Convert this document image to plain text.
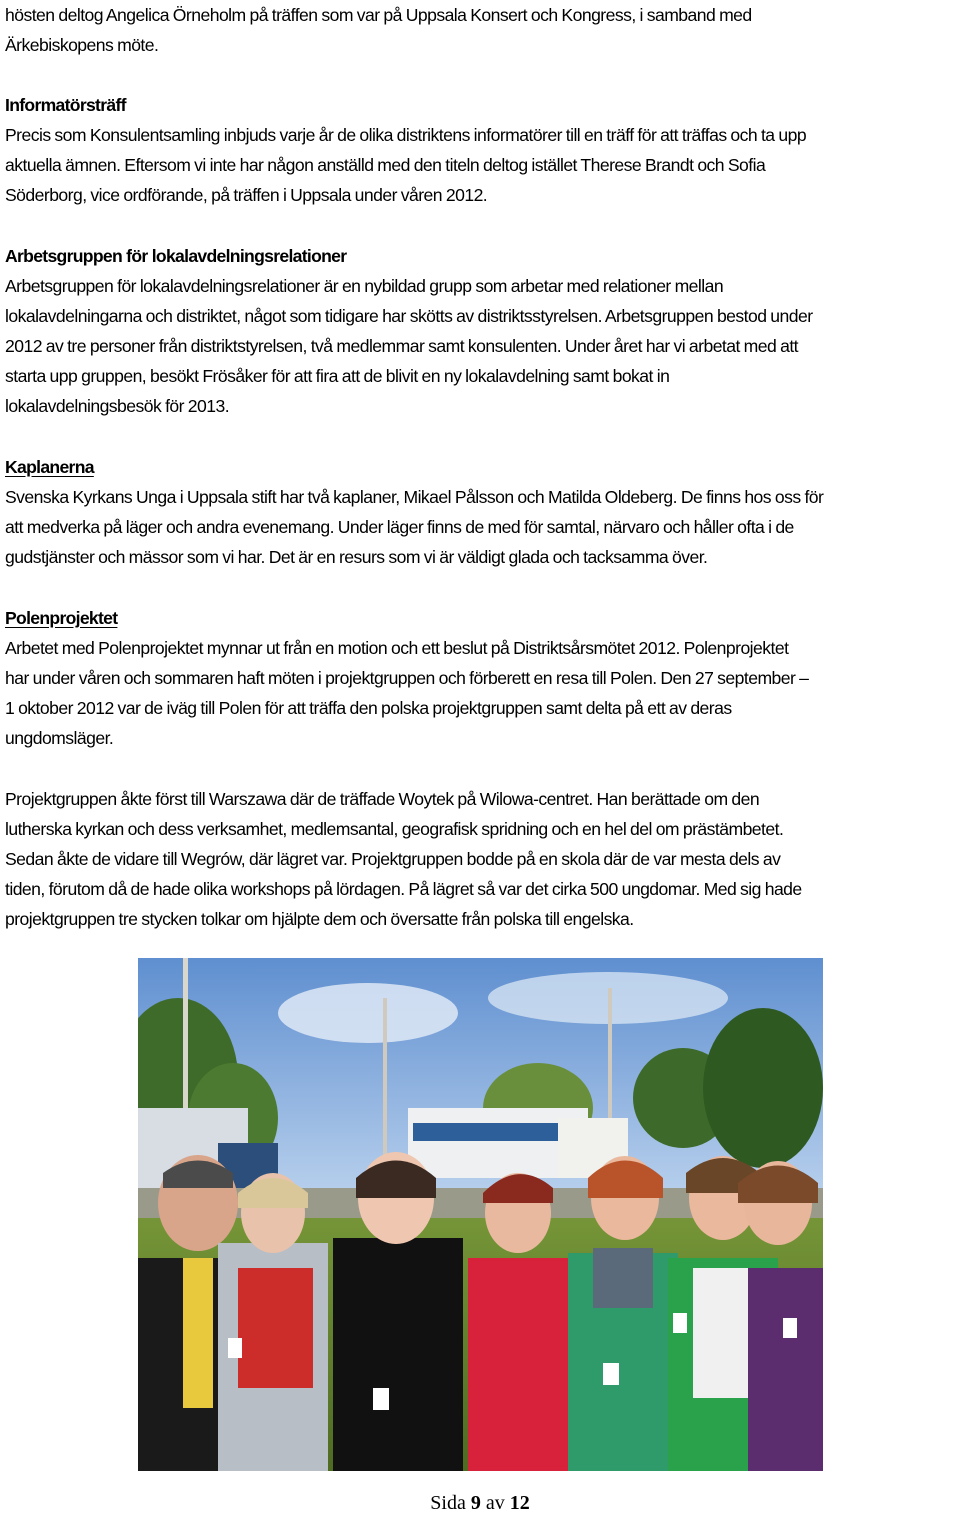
hösten deltog Angelica Örneholm på träffen som var på Uppsala Konsert och Kongress, i samband med
Ärkebiskopens möte.
Informatörsträff
Precis som Konsulentsamling inbjuds varje år de olika distriktens informatörer till en träff för att träffas och ta upp
aktuella ämnen. Eftersom vi inte har någon anställd med den titeln deltog istället Therese Brandt och Sofia
Söderborg, vice ordförande, på träffen i Uppsala under våren 2012.
Arbetsgruppen för lokalavdelningsrelationer
Arbetsgruppen för lokalavdelningsrelationer är en nybildad grupp som arbetar med relationer mellan
lokalavdelningarna och distriktet, något som tidigare har skötts av distriktsstyrelsen. Arbetsgruppen bestod under
2012 av tre personer från distriktstyrelsen, två medlemmar samt konsulenten. Under året har vi arbetat med att
starta upp gruppen, besökt Frösåker för att fira att de blivit en ny lokalavdelning samt bokat in
lokalavdelningsbesök för 2013.
Kaplanerna
Svenska Kyrkans Unga i Uppsala stift har två kaplaner, Mikael Pålsson och Matilda Oldeberg. De finns hos oss för
att medverka på läger och andra evenemang. Under läger finns de med för samtal, närvaro och håller ofta i de
gudstjänster och mässor som vi har. Det är en resurs som vi är väldigt glada och tacksamma över.
Polenprojektet
Arbetet med Polenprojektet mynnar ut från en motion och ett beslut på Distriktsårsmötet 2012. Polenprojektet
har under våren och sommaren haft möten i projektgruppen och förberett en resa till Polen. Den 27 september –
1 oktober 2012 var de iväg till Polen för att träffa den polska projektgruppen samt delta på ett av deras
ungdomsläger.
Projektgruppen åkte först till Warszawa där de träffade Woytek på Wilowa-centret. Han berättade om den
lutherska kyrkan och dess verksamhet, medlemsantal, geografisk spridning och en hel del om prästämbetet.
Sedan åkte de vidare till Wegrów, där lägret var. Projektgruppen bodde på en skola där de var mesta dels av
tiden, förutom då de hade olika workshops på lördagen. På lägret så var det cirka 500 ungdomar. Med sig hade
projektgruppen tre stycken tolkar om hjälpte dem och översatte från polska till engelska.
Sida 9 av 12
